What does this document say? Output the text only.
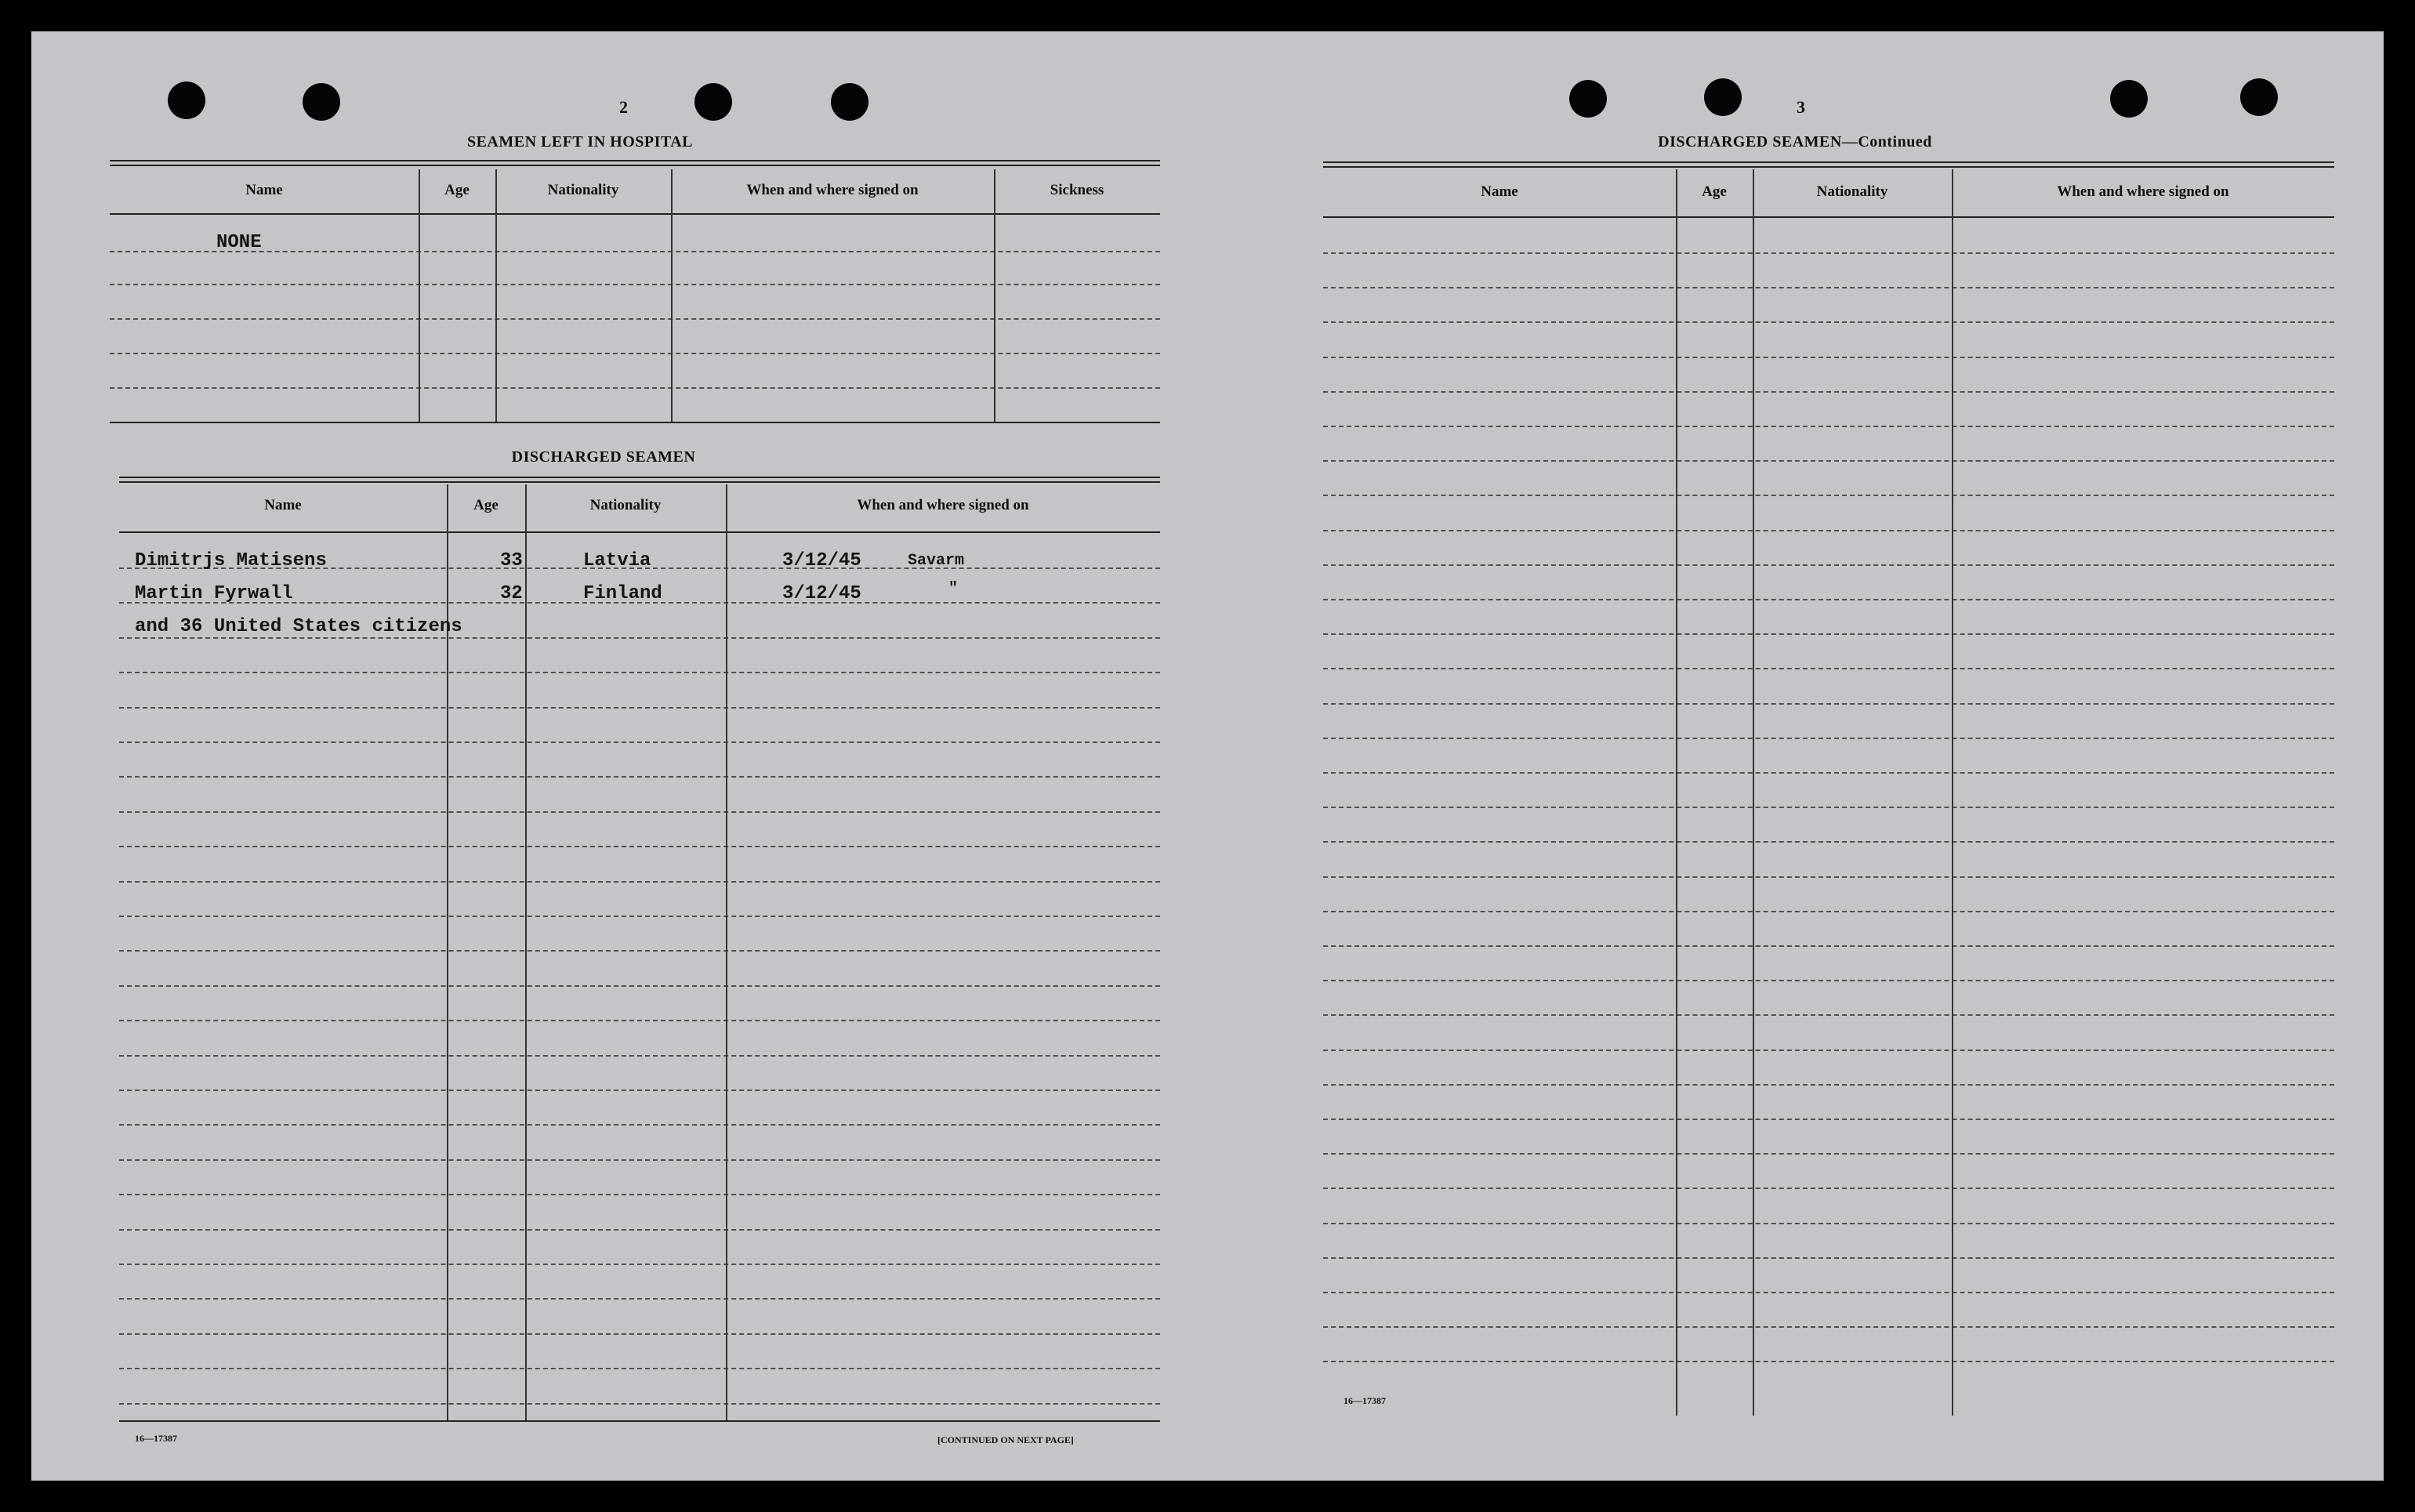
2
SEAMEN LEFT IN HOSPITAL
Name	Age	Nationality	When and where signed on	Sickness
NONE
DISCHARGED SEAMEN
Name	Age	Nationality	When and where signed on
Dimitrjs Matisens	33	Latvia	3/12/45	Savarm
Martin Fyrwall	32	Finland	3/12/45	"
and 36 United States citizens
16—17387	[CONTINUED ON NEXT PAGE]
3
DISCHARGED SEAMEN—Continued
Name	Age	Nationality	When and where signed on
16—17387
